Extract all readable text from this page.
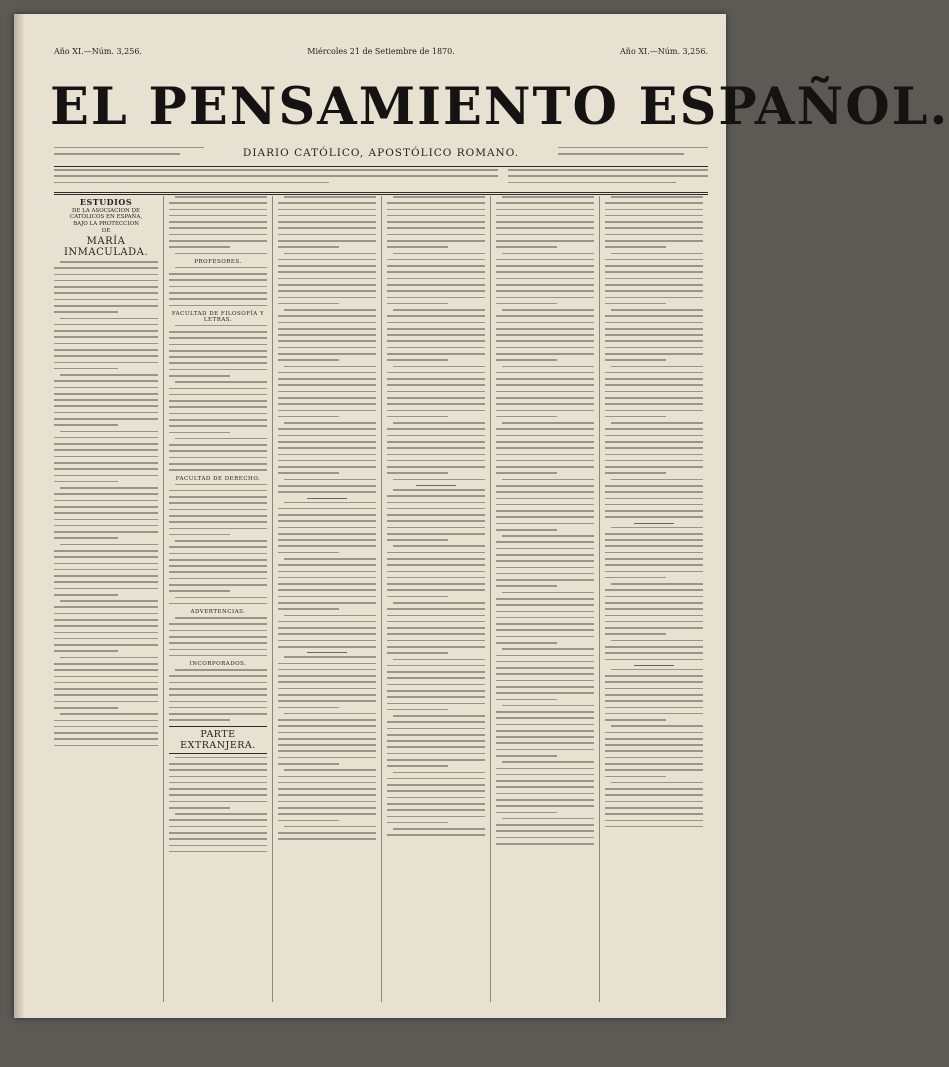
Año XI.—Núm. 3,256.	Miércoles 21 de Setiembre de 1870.	Año XI.—Núm. 3,256.
EL PENSAMIENTO ESPAÑOL.
DIARIO CATÓLICO, APOSTÓLICO ROMANO.
ESTUDIOS
DE LA ASOCIACION DE CATÓLICOS EN ESPAÑA,
BAJO LA PROTECCION
DE
MARÍA INMACULADA.
PROFESORES.
FACULTAD DE FILOSOFÍA Y LETRAS.
FACULTAD DE DERECHO.
ADVERTENCIAS.
INCORPORADOS.
PARTE EXTRANJERA.
